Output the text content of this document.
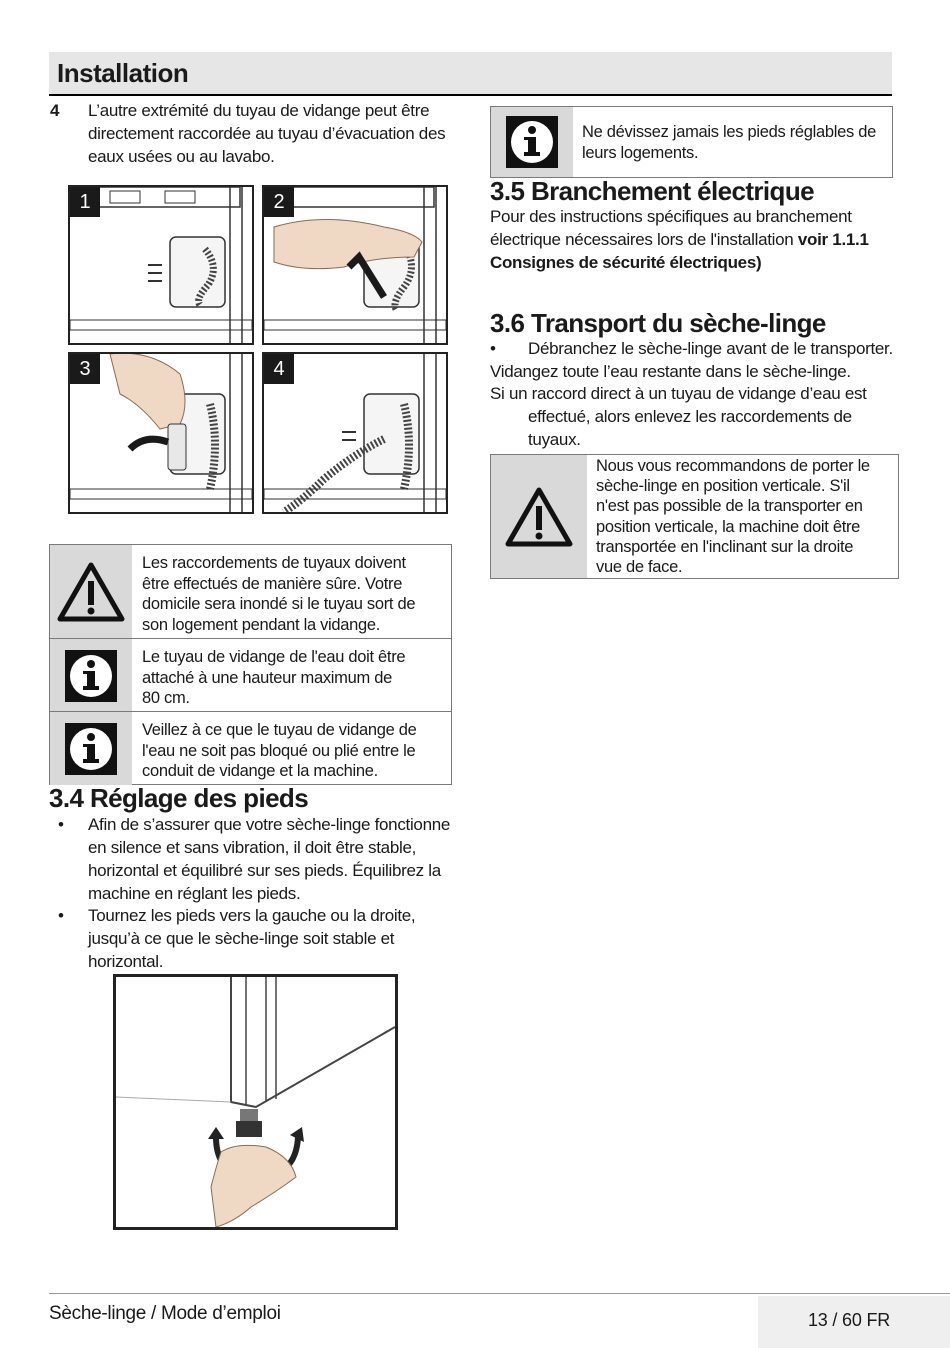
Installation
4 L’autre extrémité du tuyau de vidange peut être
directement raccordée au tuyau d’évacuation des
eaux usées ou au lavabo.
1	2
3	4
Les raccordements de tuyaux doivent
être effectués de manière sûre. Votre
domicile sera inondé si le tuyau sort de
son logement pendant la vidange.
Le tuyau de vidange de l'eau doit être
attaché à une hauteur maximum de
80 cm.
Veillez à ce que le tuyau de vidange de
l'eau ne soit pas bloqué ou plié entre le
conduit de vidange et la machine.
3.4 Réglage des pieds
• Afin de s’assurer que votre sèche-linge fonctionne
en silence et sans vibration, il doit être stable,
horizontal et équilibré sur ses pieds. Équilibrez la
machine en réglant les pieds.
• Tournez les pieds vers la gauche ou la droite,
jusqu’à ce que le sèche-linge soit stable et
horizontal.
Ne dévissez jamais les pieds réglables de
leurs logements.
3.5 Branchement électrique
Pour des instructions spécifiques au branchement
électrique nécessaires lors de l'installation voir 1.1.1
Consignes de sécurité électriques)
3.6 Transport du sèche-linge
• Débranchez le sèche-linge avant de le transporter.
Vidangez toute l’eau restante dans le sèche-linge.
Si un raccord direct à un tuyau de vidange d’eau est
effectué, alors enlevez les raccordements de
tuyaux.
Nous vous recommandons de porter le
sèche-linge en position verticale. S'il
n'est pas possible de la transporter en
position verticale, la machine doit être
transportée en l'inclinant sur la droite
vue de face.
Sèche-linge / Mode d’emploi	13 / 60 FR
